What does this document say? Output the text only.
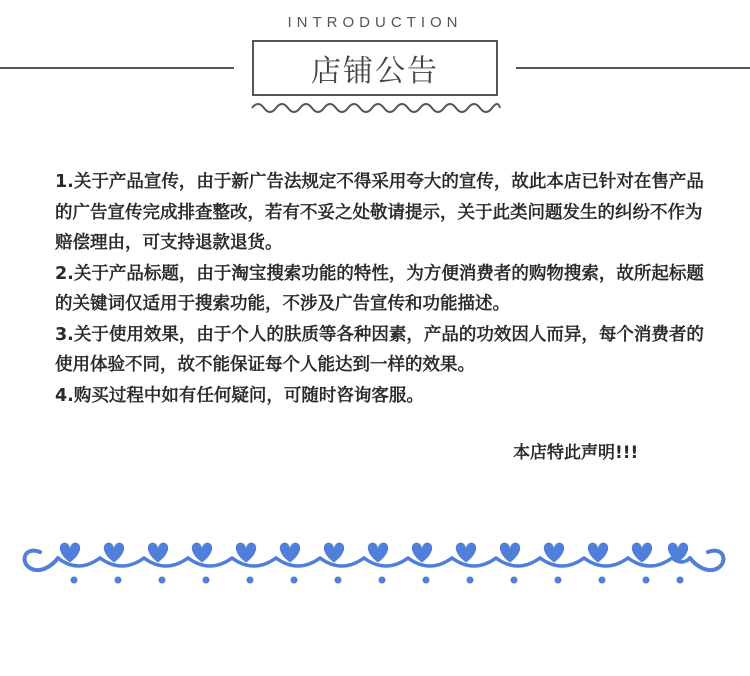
INTRODUCTION
店铺公告

1.关于产品宣传，由于新广告法规定不得采用夸大的宣传，故此本店已针对在售产品的广告宣传完成排查整改，若有不妥之处敬请提示，关于此类问题发生的纠纷不作为赔偿理由，可支持退款退货。

2.关于产品标题，由于淘宝搜索功能的特性，为方便消费者的购物搜索，故所起标题的关键词仅适用于搜索功能，不涉及广告宣传和功能描述。

3.关于使用效果，由于个人的肤质等各种因素，产品的功效因人而异，每个消费者的使用体验不同，故不能保证每个人能达到一样的效果。

4.购买过程中如有任何疑问，可随时咨询客服。

本店特此声明!!!
